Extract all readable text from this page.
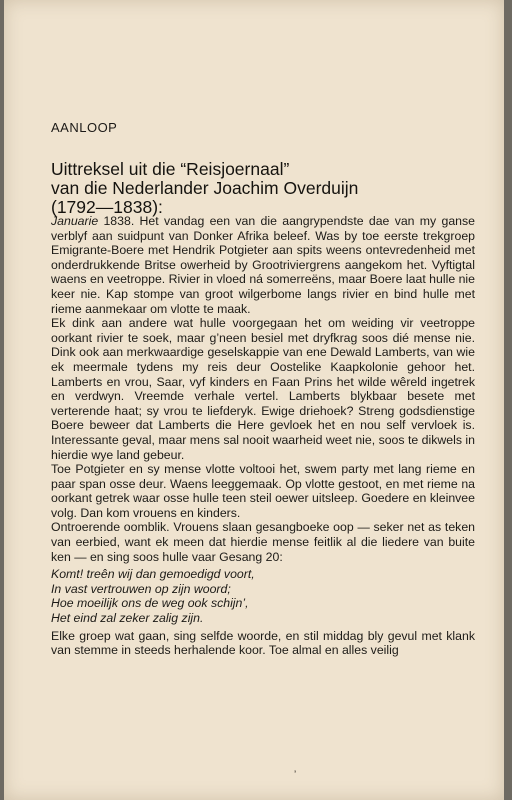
AANLOOP
Uittreksel uit die “Reisjoernaal”
van die Nederlander Joachim Overduijn
(1792—1838):

Januarie 1838. Het vandag een van die aangrypendste dae van my ganse verblyf aan suidpunt van Donker Afrika beleef. Was by toe eerste trekgroep Emigrante-Boere met Hendrik Potgieter aan spits weens ontevredenheid met onderdrukkende Britse owerheid by Grootriviergrens aangekom het. Vyftigtal waens en veetroppe. Rivier in vloed ná somerreëns, maar Boere laat hulle nie keer nie. Kap stompe van groot wilgerbome langs rivier en bind hulle met rieme aanmekaar om vlotte te maak.

Ek dink aan andere wat hulle voorgegaan het om weiding vir veetroppe oorkant rivier te soek, maar g’neen besiel met dryfkrag soos dié mense nie. Dink ook aan merkwaardige geselskappie van ene Dewald Lamberts, van wie ek meermale tydens my reis deur Oostelike Kaapkolonie gehoor het. Lamberts en vrou, Saar, vyf kinders en Faan Prins het wilde wêreld ingetrek en verdwyn. Vreemde verhale vertel. Lamberts blykbaar besete met verterende haat; sy vrou te liefderyk. Ewige driehoek? Streng godsdienstige Boere beweer dat Lamberts die Here gevloek het en nou self vervloek is. Interessante geval, maar mens sal nooit waarheid weet nie, soos te dikwels in hierdie wye land gebeur.

Toe Potgieter en sy mense vlotte voltooi het, swem party met lang rieme en paar span osse deur. Waens leeggemaak. Op vlotte gestoot, en met rieme na oorkant getrek waar osse hulle teen steil oewer uitsleep. Goedere en kleinvee volg. Dan kom vrouens en kinders.

Ontroerende oomblik. Vrouens slaan gesangboeke oop — seker net as teken van eerbied, want ek meen dat hierdie mense feitlik al die liedere van buite ken — en sing soos hulle vaar Gesang 20:

Komt! treên wij dan gemoedigd voort,
In vast vertrouwen op zijn woord;
Hoe moeilijk ons de weg ook schijn’,
Het eind zal zeker zalig zijn.

Elke groep wat gaan, sing selfde woorde, en stil middag bly gevul met klank van stemme in steeds herhalende koor. Toe almal en alles veilig

ʼ
